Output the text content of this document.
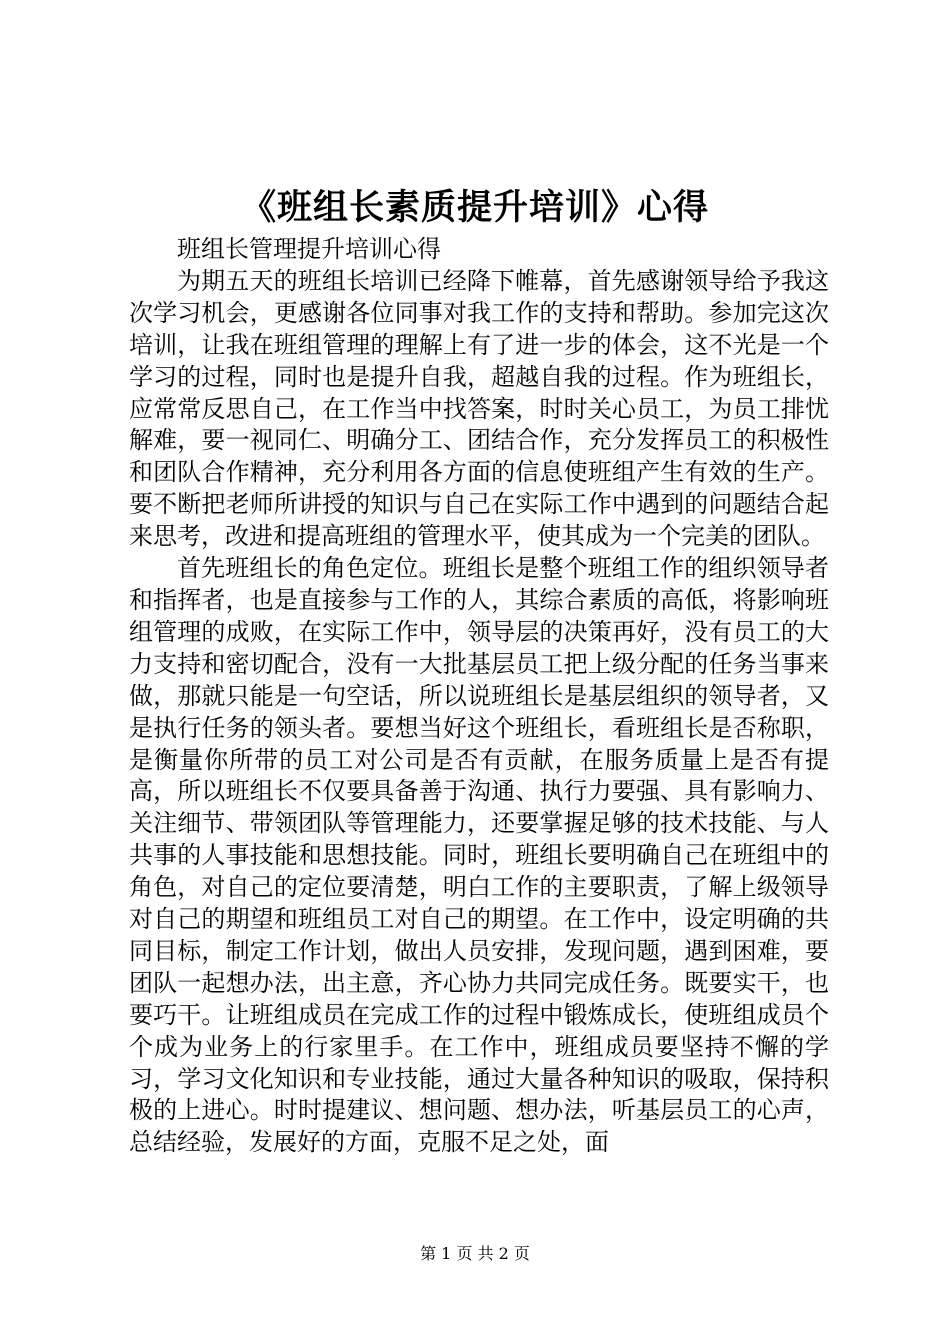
《班组长素质提升培训》心得

班组长管理提升培训心得

为期五天的班组长培训已经降下帷幕，首先感谢领导给予我这次学习机会，更感谢各位同事对我工作的支持和帮助。参加完这次培训，让我在班组管理的理解上有了进一步的体会，这不光是一个学习的过程，同时也是提升自我，超越自我的过程。作为班组长，应常常反思自己，在工作当中找答案，时时关心员工，为员工排忧解难，要一视同仁、明确分工、团结合作，充分发挥员工的积极性和团队合作精神，充分利用各方面的信息使班组产生有效的生产。要不断把老师所讲授的知识与自己在实际工作中遇到的问题结合起来思考，改进和提高班组的管理水平，使其成为一个完美的团队。

首先班组长的角色定位。班组长是整个班组工作的组织领导者和指挥者，也是直接参与工作的人，其综合素质的高低，将影响班组管理的成败，在实际工作中，领导层的决策再好，没有员工的大力支持和密切配合，没有一大批基层员工把上级分配的任务当事来做，那就只能是一句空话，所以说班组长是基层组织的领导者，又是执行任务的领头者。要想当好这个班组长，看班组长是否称职，是衡量你所带的员工对公司是否有贡献，在服务质量上是否有提高，所以班组长不仅要具备善于沟通、执行力要强、具有影响力、关注细节、带领团队等管理能力，还要掌握足够的技术技能、与人共事的人事技能和思想技能。同时，班组长要明确自己在班组中的角色，对自己的定位要清楚，明白工作的主要职责，了解上级领导对自己的期望和班组员工对自己的期望。在工作中，设定明确的共同目标，制定工作计划，做出人员安排，发现问题，遇到困难，要团队一起想办法，出主意，齐心协力共同完成任务。既要实干，也要巧干。让班组成员在完成工作的过程中锻炼成长，使班组成员个个成为业务上的行家里手。在工作中，班组成员要坚持不懈的学习，学习文化知识和专业技能，通过大量各种知识的吸取，保持积极的上进心。时时提建议、想问题、想办法，听基层员工的心声，总结经验，发展好的方面，克服不足之处，面

第 1 页 共 2 页
